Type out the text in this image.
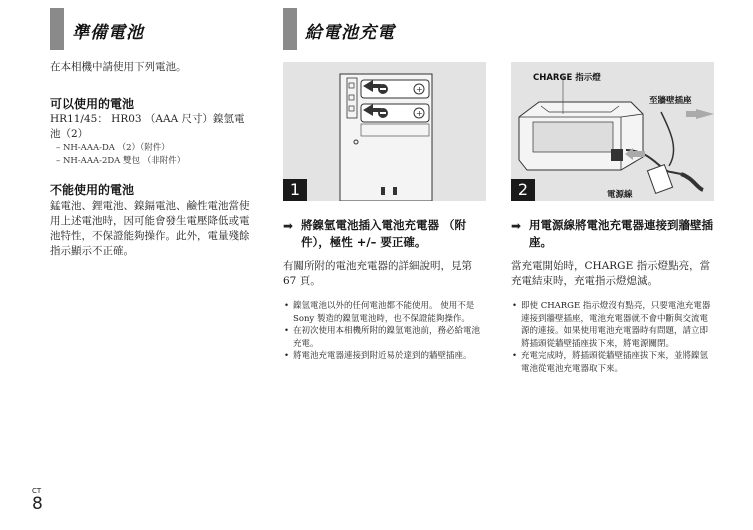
準備電池
在本相機中請使用下列電池。
可以使用的電池
HR11/45： HR03 （AAA 尺寸）鎳氫電池（2）
– NH-AAA-DA （2）（附件）
– NH-AAA-2DA 雙包 （非附件）
不能使用的電池
錳電池、鋰電池、鎳鎘電池、鹼性電池當使用上述電池時，因可能會發生電壓降低或電池特性，不保證能夠操作。此外，電量殘餘指示顯示不正確。
給電池充電
+
+
1
CHARGE 指示燈
至牆壁插座
電源線
2
➡ 將鎳氫電池插入電池充電器 （附件），極性 +/– 要正確。
有關所附的電池充電器的詳細說明，見第 67 頁。
• 鎳氫電池以外的任何電池都不能使用。 使用不是 Sony 製造的鎳氫電池時，也不保證能夠操作。
• 在初次使用本相機所附的鎳氫電池前，務必給電池充電。
• 將電池充電器連接到附近易於達到的牆壁插座。
➡ 用電源線將電池充電器連接到牆壁插座。
當充電開始時，CHARGE 指示燈點亮，當充電結束時，充電指示燈熄滅。
• 即使 CHARGE 指示燈沒有點亮，只要電池充電器連接到牆壁插座，電池充電器就不會中斷與交流電源的連接。如果使用電池充電器時有問題，請立即將插頭從牆壁插座拔下來，將電源關閉。
• 充電完成時，將插頭從牆壁插座拔下來，並將鎳氫電池從電池充電器取下來。
CT
8
